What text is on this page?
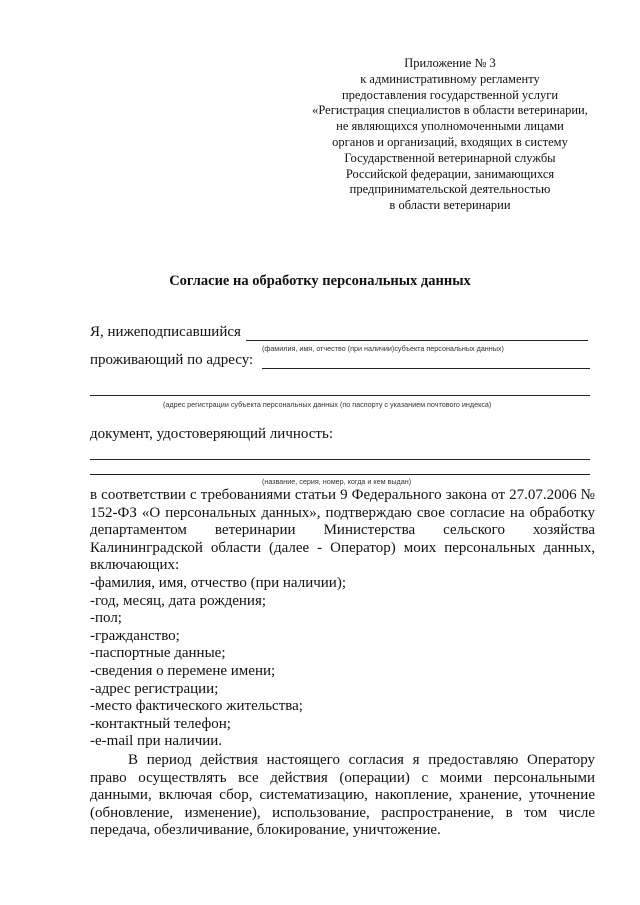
Приложение № 3
к административному регламенту
предоставления государственной услуги
«Регистрация специалистов в области ветеринарии,
не являющихся уполномоченными лицами
органов и организаций, входящих в систему
Государственной ветеринарной службы
Российской федерации, занимающихся
предпринимательской деятельностью
в области ветеринарии
Согласие на обработку персональных данных
Я, нижеподписавшийся
(фамилия, имя, отчество (при наличии)субъекта персональных данных)
проживающий по адресу:
(адрес регистрации субъекта персональных данных (по паспорту с указанием почтового индекса)
документ, удостоверяющий личность:
(название, серия, номер, когда и кем выдан)
в соответствии с требованиями статьи 9 Федерального закона от 27.07.2006 № 152-ФЗ «О персональных данных», подтверждаю свое согласие на обработку департаментом ветеринарии Министерства сельского хозяйства Калининградской области (далее - Оператор) моих персональных данных, включающих:
-фамилия, имя, отчество (при наличии);
-год, месяц, дата рождения;
-пол;
-гражданство;
-паспортные данные;
-сведения о перемене имени;
-адрес регистрации;
-место фактического жительства;
-контактный телефон;
-e-mail при наличии.
В период действия настоящего согласия я предоставляю Оператору право осуществлять все действия (операции) с моими персональными данными, включая сбор, систематизацию, накопление, хранение, уточнение (обновление, изменение), использование, распространение, в том числе передача, обезличивание, блокирование, уничтожение.
